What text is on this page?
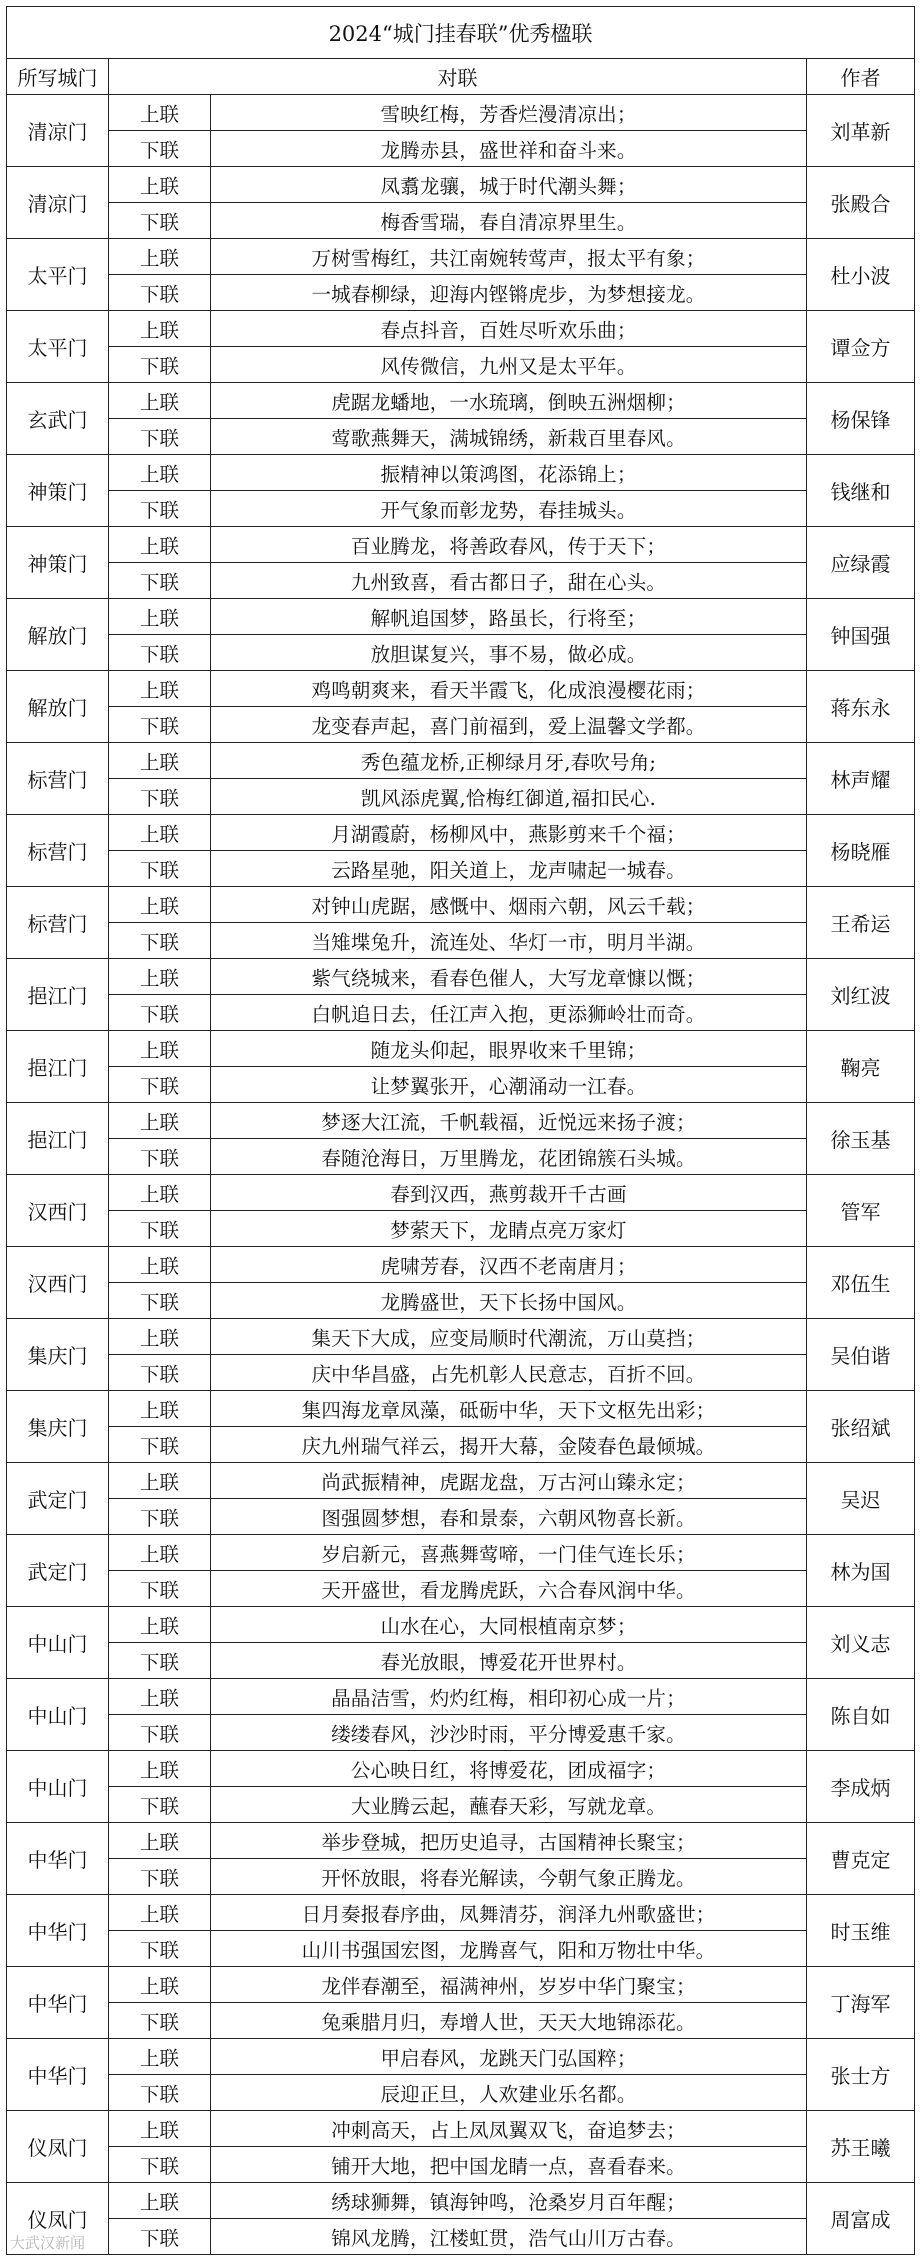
2024“城门挂春联”优秀楹联			
所写城门	对联		作者
清凉门	上联	雪映红梅，芳香烂漫清凉出；	刘革新
	下联	龙腾赤县，盛世祥和奋斗来。	
清凉门	上联	凤翥龙骧，城于时代潮头舞；	张殿合
	下联	梅香雪瑞，春自清凉界里生。	
太平门	上联	万树雪梅红，共江南婉转莺声，报太平有象；	杜小波
	下联	一城春柳绿，迎海内铿锵虎步，为梦想接龙。	
太平门	上联	春点抖音，百姓尽听欢乐曲；	谭佥方
	下联	风传微信，九州又是太平年。	
玄武门	上联	虎踞龙蟠地，一水琉璃，倒映五洲烟柳；	杨保锋
	下联	莺歌燕舞天，满城锦绣，新栽百里春风。	
神策门	上联	振精神以策鸿图，花添锦上；	钱继和
	下联	开气象而彰龙势，春挂城头。	
神策门	上联	百业腾龙，将善政春风，传于天下；	应绿霞
	下联	九州致喜，看古都日子，甜在心头。	
解放门	上联	解帆追国梦，路虽长，行将至；	钟国强
	下联	放胆谋复兴，事不易，做必成。	
解放门	上联	鸡鸣朝爽来，看天半霞飞，化成浪漫樱花雨；	蒋东永
	下联	龙变春声起，喜门前福到，爱上温馨文学都。	
标营门	上联	秀色蕴龙桥,正柳绿月牙,春吹号角;	林声耀
	下联	凯风添虎翼,恰梅红御道,福扣民心.	
标营门	上联	月湖霞蔚，杨柳风中，燕影剪来千个福；	杨晓雁
	下联	云路星驰，阳关道上，龙声啸起一城春。	
标营门	上联	对钟山虎踞，感慨中、烟雨六朝，风云千载；	王希运
	下联	当雉堞兔升，流连处、华灯一市，明月半湖。	
挹江门	上联	紫气绕城来，看春色催人，大写龙章慷以慨；	刘红波
	下联	白帆追日去，任江声入抱，更添狮岭壮而奇。	
挹江门	上联	随龙头仰起，眼界收来千里锦；	鞠亮
	下联	让梦翼张开，心潮涌动一江春。	
挹江门	上联	梦逐大江流，千帆载福，近悦远来扬子渡；	徐玉基
	下联	春随沧海日，万里腾龙，花团锦簇石头城。	
汉西门	上联	春到汉西，燕剪裁开千古画	管军
	下联	梦萦天下，龙睛点亮万家灯	
汉西门	上联	虎啸芳春，汉西不老南唐月；	邓伍生
	下联	龙腾盛世，天下长扬中国风。	
集庆门	上联	集天下大成，应变局顺时代潮流，万山莫挡；	吴伯谐
	下联	庆中华昌盛，占先机彰人民意志，百折不回。	
集庆门	上联	集四海龙章凤藻，砥砺中华，天下文枢先出彩；	张绍斌
	下联	庆九州瑞气祥云，揭开大幕，金陵春色最倾城。	
武定门	上联	尚武振精神，虎踞龙盘，万古河山臻永定；	吴迟
	下联	图强圆梦想，春和景泰，六朝风物喜长新。	
武定门	上联	岁启新元，喜燕舞莺啼，一门佳气连长乐；	林为国
	下联	天开盛世，看龙腾虎跃，六合春风润中华。	
中山门	上联	山水在心，大同根植南京梦；	刘义志
	下联	春光放眼，博爱花开世界村。	
中山门	上联	晶晶洁雪，灼灼红梅，相印初心成一片；	陈自如
	下联	缕缕春风，沙沙时雨，平分博爱惠千家。	
中山门	上联	公心映日红，将博爱花，团成福字；	李成炳
	下联	大业腾云起，蘸春天彩，写就龙章。	
中华门	上联	举步登城，把历史追寻，古国精神长聚宝；	曹克定
	下联	开怀放眼，将春光解读，今朝气象正腾龙。	
中华门	上联	日月奏报春序曲，凤舞清芬，润泽九州歌盛世；	时玉维
	下联	山川书强国宏图，龙腾喜气，阳和万物壮中华。	
中华门	上联	龙伴春潮至，福满神州，岁岁中华门聚宝；	丁海军
	下联	兔乘腊月归，寿增人世，天天大地锦添花。	
中华门	上联	甲启春风，龙跳天门弘国粹；	张士方
	下联	辰迎正旦，人欢建业乐名都。	
仪凤门	上联	冲刺高天，占上凤凤翼双飞，奋追梦去；	苏王曦
	下联	铺开大地，把中国龙睛一点，喜看春来。	
仪凤门	上联	绣球狮舞，镇海钟鸣，沧桑岁月百年醒；	周富成
	下联	锦风龙腾，江楼虹贯，浩气山川万古春。	
大武汉新闻
